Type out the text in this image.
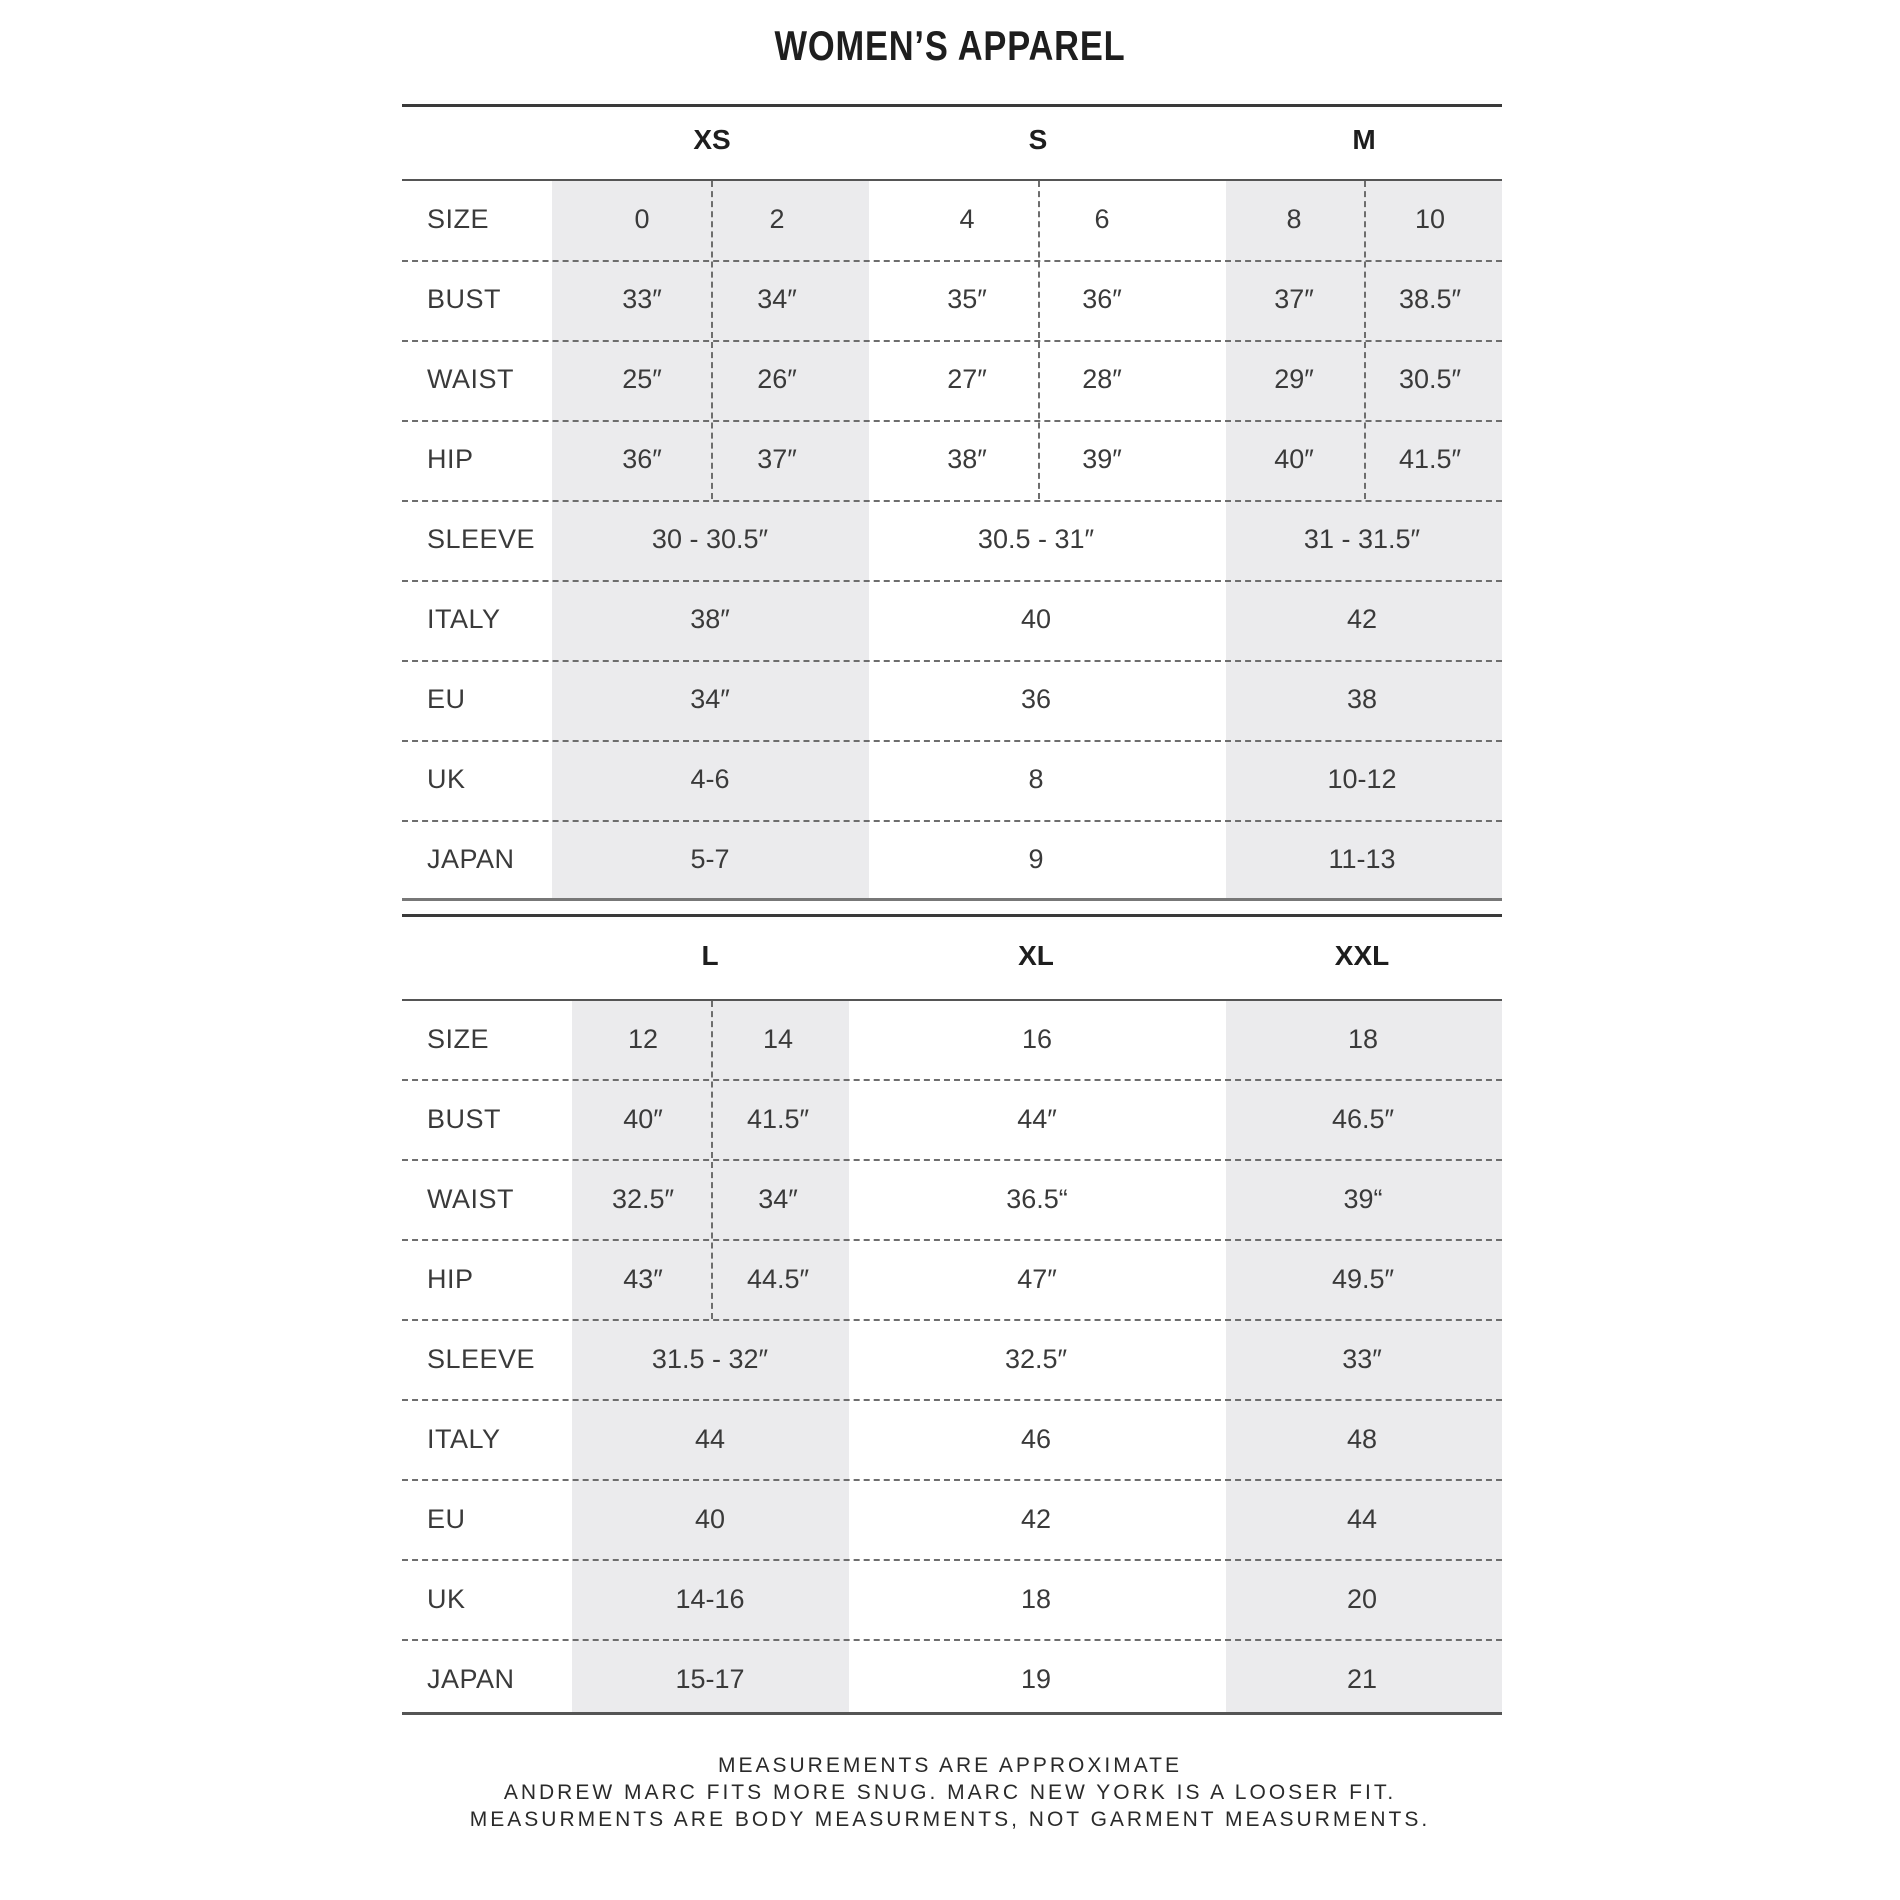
WOMEN’S APPAREL
XS	S	M
SIZE	0	2	4	6	8	10
BUST	33″	34″	35″	36″	37″	38.5″
WAIST	25″	26″	27″	28″	29″	30.5″
HIP	36″	37″	38″	39″	40″	41.5″
SLEEVE	30 - 30.5″	30.5 - 31″	31 - 31.5″
ITALY	38″	40	42
EU	34″	36	38
UK	4-6	8	10-12
JAPAN	5-7	9	11-13
L	XL	XXL
SIZE	12	14	16	18
BUST	40″	41.5″	44″	46.5″
WAIST	32.5″	34″	36.5“	39“
HIP	43″	44.5″	47″	49.5″
SLEEVE	31.5 - 32″	32.5″	33″
ITALY	44	46	48
EU	40	42	44
UK	14-16	18	20
JAPAN	15-17	19	21
MEASUREMENTS ARE APPROXIMATE
ANDREW MARC FITS MORE SNUG. MARC NEW YORK IS A LOOSER FIT.
MEASURMENTS ARE BODY MEASURMENTS, NOT GARMENT MEASURMENTS.
